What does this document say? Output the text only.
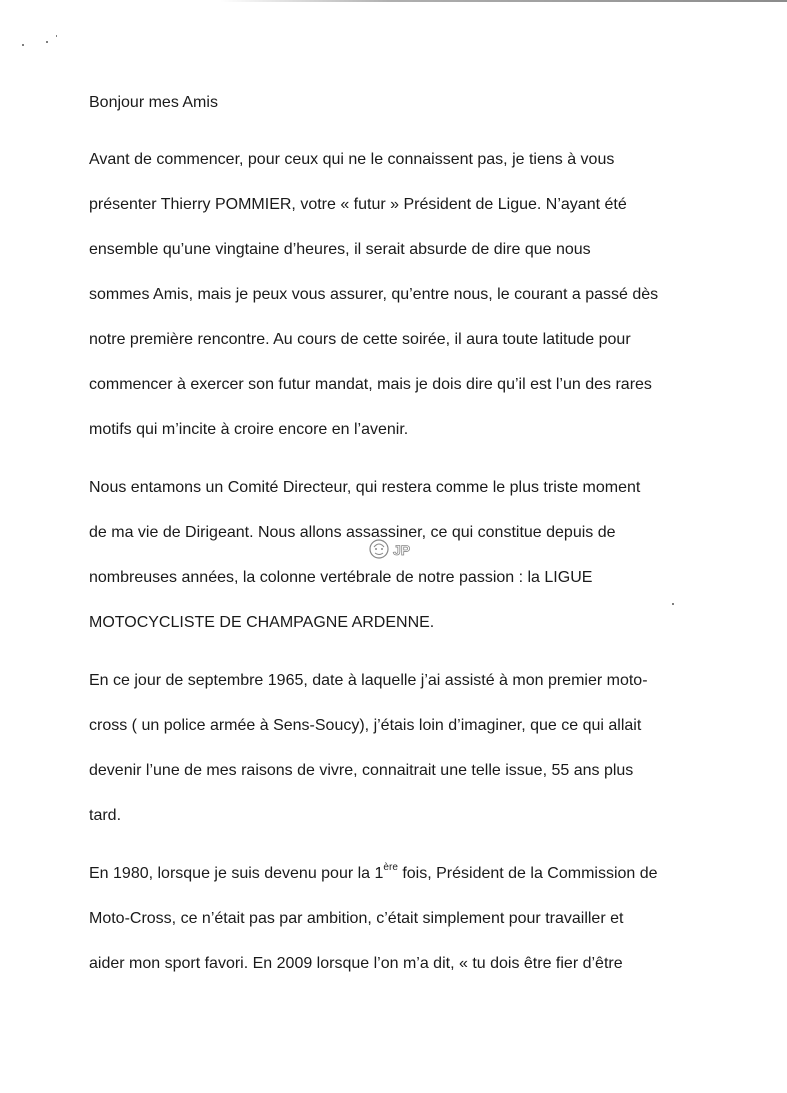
Bonjour mes Amis

Avant de commencer, pour ceux qui ne le connaissent pas, je tiens à vous

présenter Thierry POMMIER, votre « futur » Président de Ligue. N’ayant été

ensemble qu’une vingtaine d’heures, il serait absurde de dire que nous

sommes Amis, mais je peux vous assurer, qu’entre nous, le courant a passé dès

notre première rencontre. Au cours de cette soirée, il aura toute latitude pour

commencer à exercer son futur mandat, mais je dois dire qu’il est l’un des rares

motifs qui m’incite à croire encore en l’avenir.

Nous entamons un Comité Directeur, qui restera comme le plus triste moment

de ma vie de Dirigeant. Nous allons assassiner, ce qui constitue depuis de

nombreuses années, la colonne vertébrale de notre passion : la LIGUE

MOTOCYCLISTE DE CHAMPAGNE ARDENNE.

En ce jour de septembre 1965, date à laquelle j’ai assisté à mon premier moto-

cross ( un police armée à Sens-Soucy), j’étais loin d’imaginer, que ce qui allait

devenir l’une de mes raisons de vivre, connaitrait une telle issue, 55 ans plus

tard.

En 1980, lorsque je suis devenu pour la 1ère fois, Président de la Commission de

Moto-Cross, ce n’était pas par ambition, c’était simplement pour travailler et

aider mon sport favori. En 2009 lorsque l’on m’a dit, « tu dois être fier d’être

JP
